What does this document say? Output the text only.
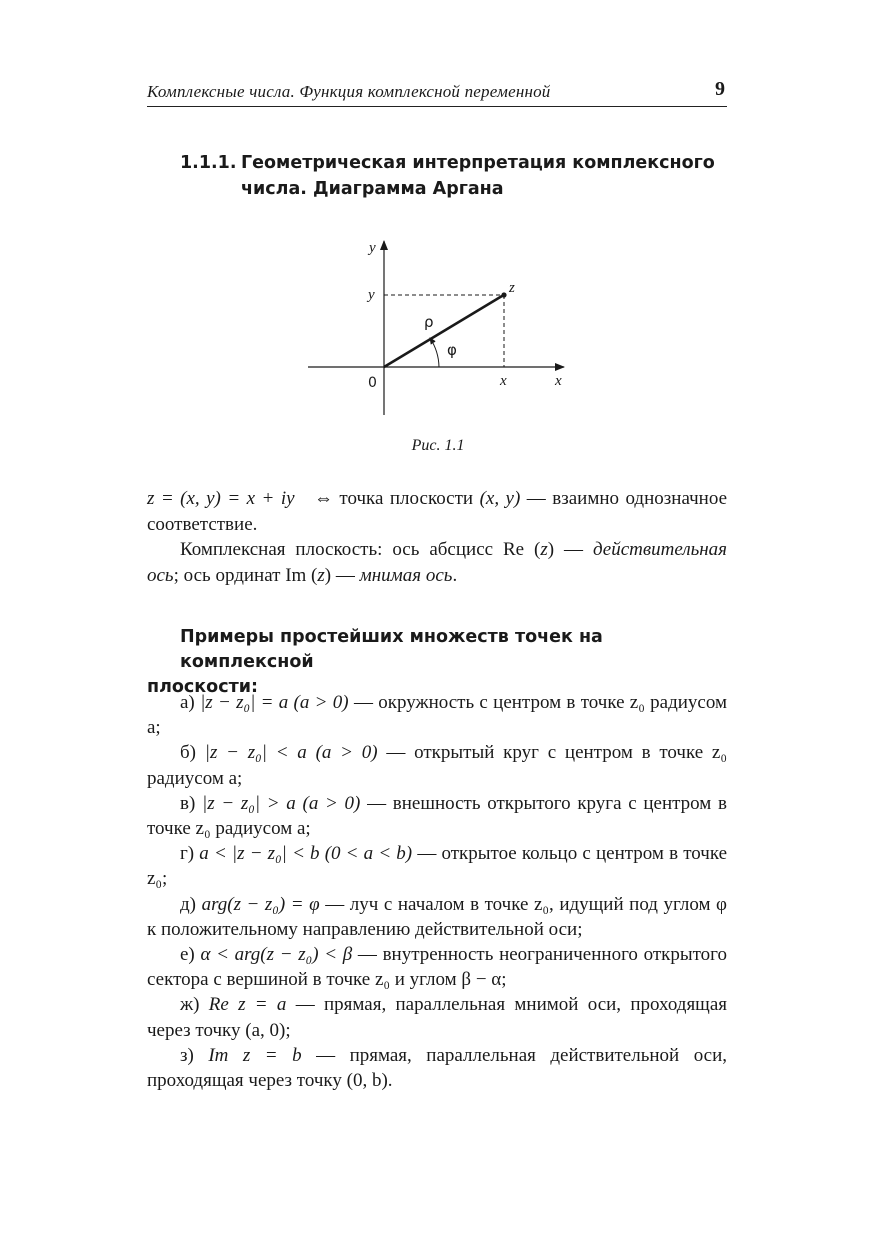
Комплексные числа. Функция комплексной переменной	9
1.1.1. Геометрическая интерпретация комплексного
числа. Диаграмма Аргана
y
y	z
ρ
φ
0	x	x
Рис. 1.1

z = (x, y) = x + iy ⇔ точка плоскости (x, y) — взаимно однозначное соответствие.

Комплексная плоскость: ось абсцисс Re (z) — действительная ось; ось ординат Im (z) — мнимая ось.

Примеры простейших множеств точек на комплексной
плоскости:

а) |z − z₀| = a (a > 0) — окружность с центром в точке z₀ радиусом a;

б) |z − z₀| < a (a > 0) — открытый круг с центром в точке z₀ радиусом a;

в) |z − z₀| > a (a > 0) — внешность открытого круга с центром в точке z₀ радиусом a;

г) a < |z − z₀| < b (0 < a < b) — открытое кольцо с центром в точке z₀;

д) arg(z − z₀) = φ — луч с началом в точке z₀, идущий под углом φ к положительному направлению действительной оси;

е) α < arg(z − z₀) < β — внутренность неограниченного открытого сектора с вершиной в точке z₀ и углом β − α;

ж) Re z = a — прямая, параллельная мнимой оси, проходящая через точку (a, 0);

з) Im z = b — прямая, параллельная действительной оси, проходящая через точку (0, b).
